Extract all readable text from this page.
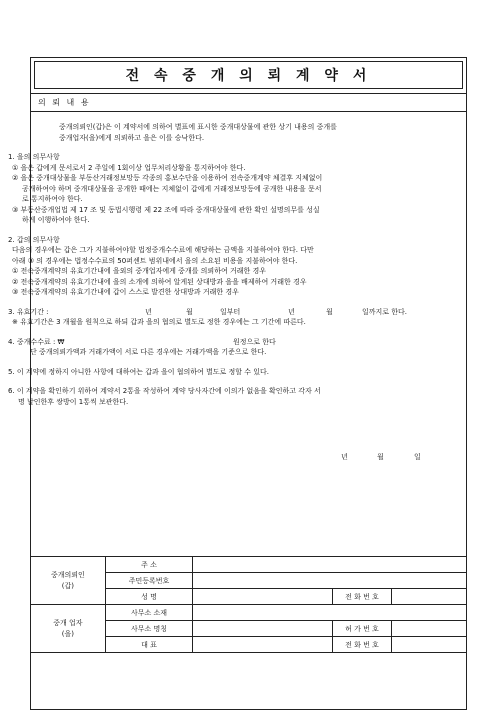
전 속 중 개 의 뢰 계 약 서
의 뢰 내 용

중개의뢰인(갑)은 이 계약서에 의하여 별표에 표시한 중개대상물에 관한 상기 내용의 중개를

중개업자(을)에게 의뢰하고 을은 이를 승낙한다.

1. 을의 의무사항

① 을은 갑에게 문서로서 2 주일에 1회이상 업무처리상황을 통지하여야 한다.

② 을은 중개대상물을 부동산거래정보망등 각종의 홍보수단을 이용하여 전속중개계약 체결후 지체없이

공개하여야 하며 중개대상물을 공개한 때에는 지체없이 갑에게 거래정보망등에 공개한 내용을 문서

로 통지하여야 한다.

③ 부동산중개업법 제 17 조 및 동법시행령 제 22 조에 따라 중개대상물에 관한 확인 설명의무를 성실

하게 이행하여야 한다.

2. 갑의 의무사항

다음의 경우에는 갑은 그가 지불하여야할 법정중개수수료에 해당하는 금액을 지불하여야 한다. 다만

아래 ③ 의 경우에는 법정수수료의 50퍼센트 범위내에서 을의 소요된 비용을 지불하여야 한다.

① 전속중개계약의 유효기간내에 을외의 중개업자에게 중개를 의뢰하여 거래한 경우

② 전속중개계약의 유효기간내에 을의 소개에 의하여 알게된 상대방과 을을 배제하여 거래한 경우

③ 전속중개계약의 유효기간내에 갑이 스스로 발견한 상대방과 거래한 경우

3. 유효기간 :	년	월	일부터	년	월	일까지로 한다.

※ 유효기간은 3 개월을 원칙으로 하되 갑과 을의 협의로 별도로 정한 경우에는 그 기간에 따른다.

4. 중개수수료 : ₩	원정으로 한다

단 중개의뢰가액과 거래가액이 서로 다른 경우에는 거래가액을 기준으로 한다.

5. 이 계약에 정하지 아니한 사항에 대하여는 갑과 을이 협의하여 별도로 정할 수 있다.

6. 이 계약을 확인하기 위하여 계약서 2통을 작성하여 계약 당사자간에 이의가 없음을 확인하고 각자 서

명 날인한후 쌍방이 1통씩 보관한다.

년	월	일
중개의뢰인
(갑)	주 소			
	주민등록번호			
	성 명		전 화 번 호	

중개 업자
(을)	사무소 소재			
	사무소 명칭		허 가 번 호	
	대 표		전 화 번 호	
